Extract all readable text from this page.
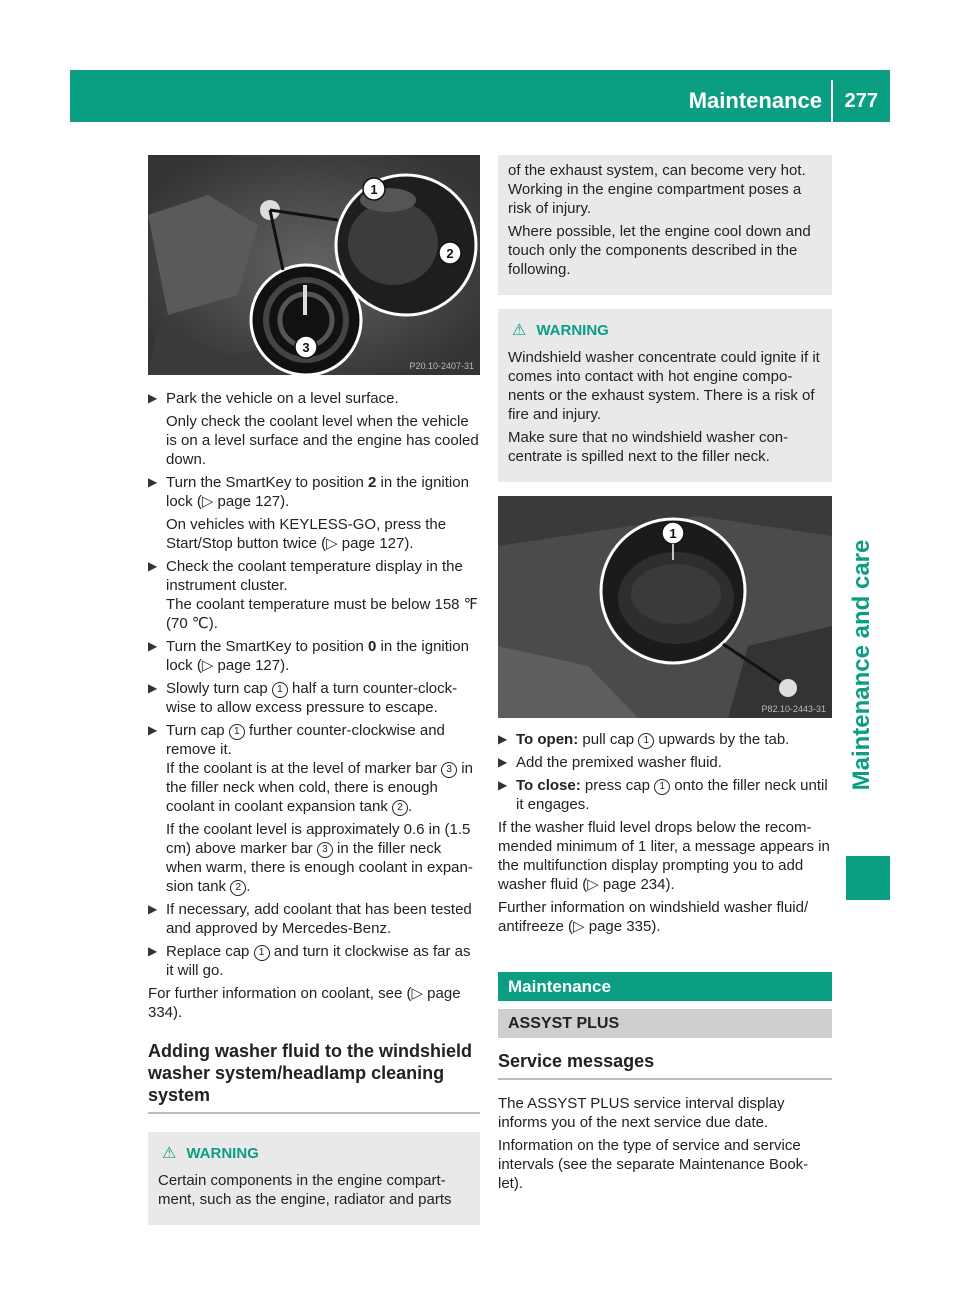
Maintenance 277
Maintenance and care
1
2
3
P20.10-2407-31
▶ Park the vehicle on a level surface.

Only check the coolant level when the vehicle is on a level surface and the engine has cooled down.

▶ Turn the SmartKey to position 2 in the ignition lock (▷ page 127).

On vehicles with KEYLESS-GO, press the Start/Stop button twice (▷ page 127).

▶ Check the coolant temperature display in the instrument cluster.

The coolant temperature must be below 158 ℉ (70 ℃).

▶ Turn the SmartKey to position 0 in the ignition lock (▷ page 127).

▶ Slowly turn cap 1 half a turn counter-clock-wise to allow excess pressure to escape.

▶ Turn cap 1 further counter-clockwise and remove it.

If the coolant is at the level of marker bar 3 in the filler neck when cold, there is enough coolant in coolant expansion tank 2 .

If the coolant level is approximately 0.6 in (1.5 cm) above marker bar 3 in the filler neck when warm, there is enough coolant in expan-sion tank 2 .

▶ If necessary, add coolant that has been tested and approved by Mercedes-Benz.

▶ Replace cap 1 and turn it clockwise as far as it will go.

For further information on coolant, see (▷ page 334).

Adding washer fluid to the windshield washer system/headlamp cleaning system
⚠ WARNING

Certain components in the engine compart-ment, such as the engine, radiator and parts

of the exhaust system, can become very hot. Working in the engine compartment poses a risk of injury.

Where possible, let the engine cool down and touch only the components described in the following.

⚠ WARNING

Windshield washer concentrate could ignite if it comes into contact with hot engine compo-nents or the exhaust system. There is a risk of fire and injury.

Make sure that no windshield washer con-centrate is spilled next to the filler neck.

1
P82.10-2443-31
▶ To open: pull cap 1 upwards by the tab.

▶ Add the premixed washer fluid.

▶ To close: press cap 1 onto the filler neck until it engages.

If the washer fluid level drops below the recom-mended minimum of 1 liter, a message appears in the multifunction display prompting you to add washer fluid (▷ page 234).

Further information on windshield washer fluid/ antifreeze (▷ page 335).

Maintenance
ASSYST PLUS
Service messages

The ASSYST PLUS service interval display informs you of the next service due date.

Information on the type of service and service intervals (see the separate Maintenance Book-let).
